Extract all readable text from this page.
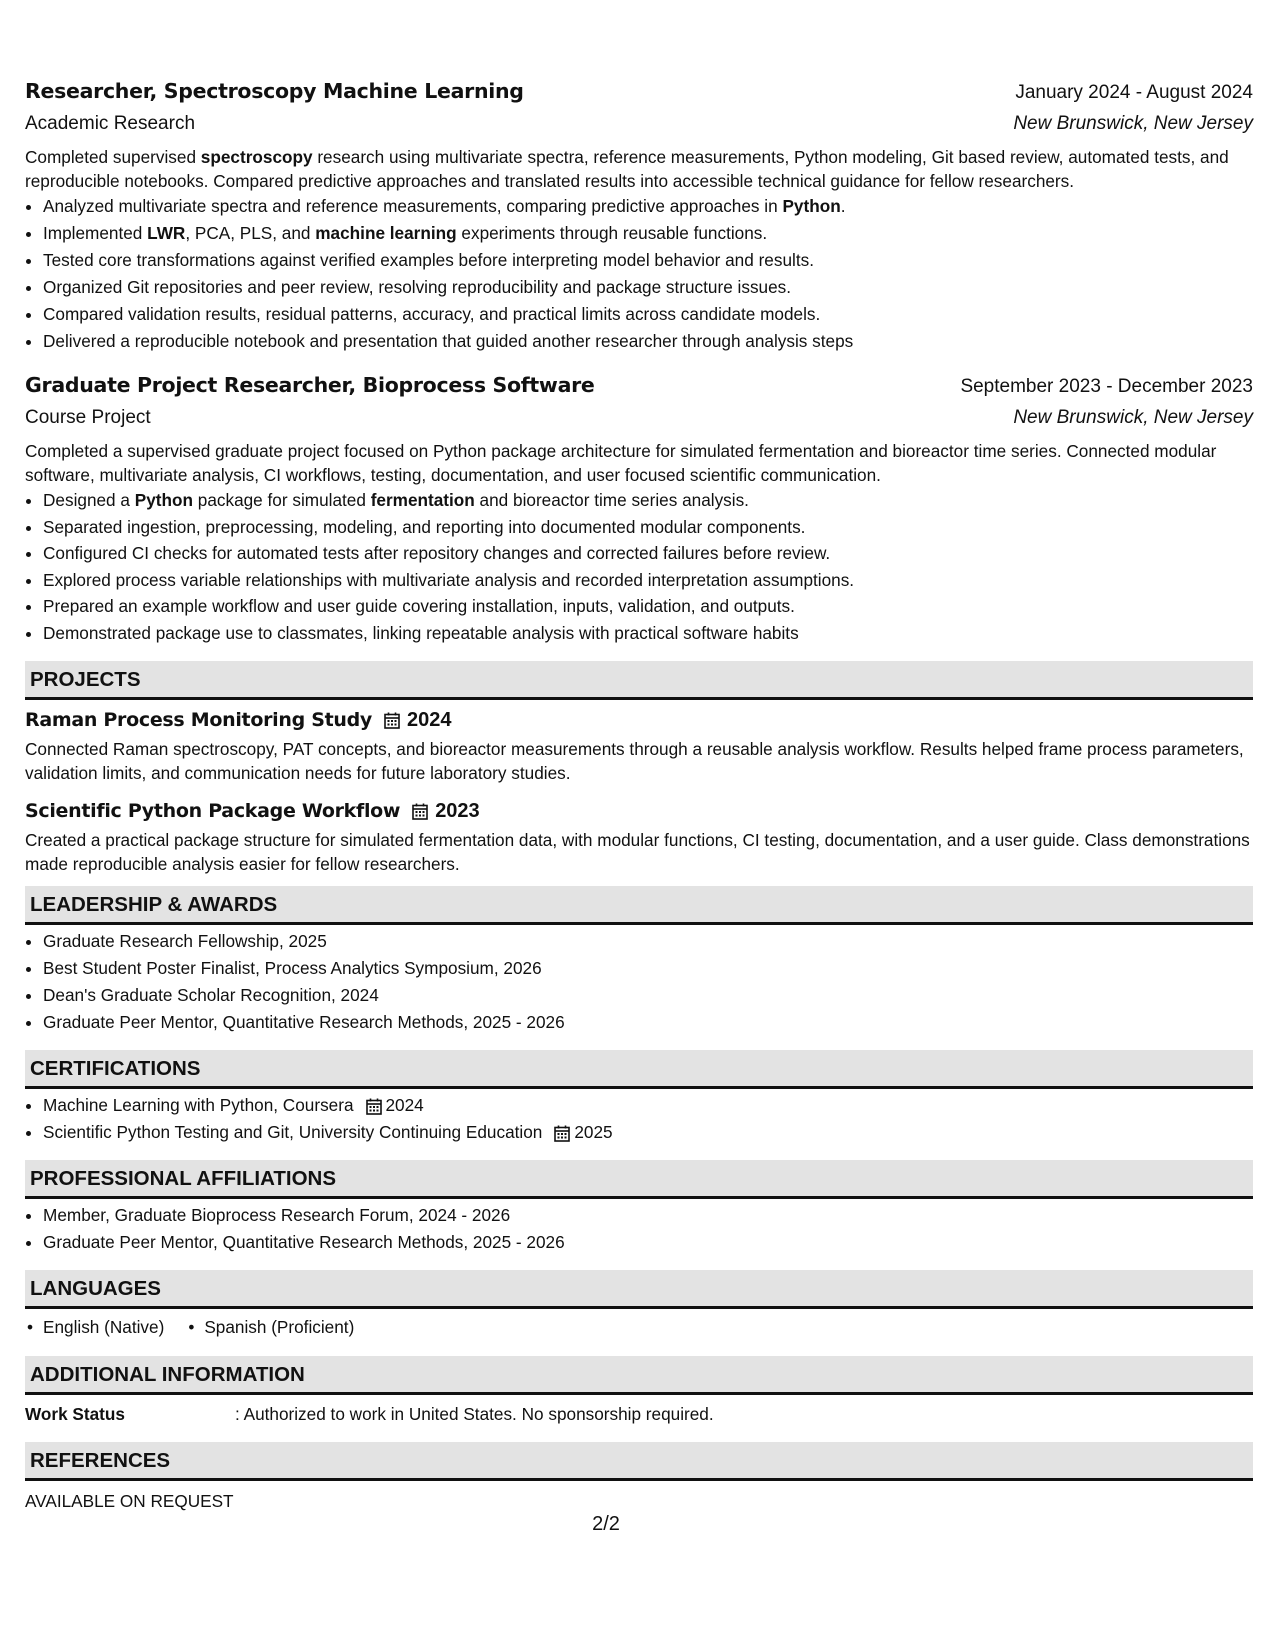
Researcher, Spectroscopy Machine Learning	January 2024 - August 2024
Academic Research	New Brunswick, New Jersey
Completed supervised spectroscopy research using multivariate spectra, reference measurements, Python modeling, Git based review, automated tests, and reproducible notebooks. Compared predictive approaches and translated results into accessible technical guidance for fellow researchers.
• Analyzed multivariate spectra and reference measurements, comparing predictive approaches in Python.
• Implemented LWR, PCA, PLS, and machine learning experiments through reusable functions.
• Tested core transformations against verified examples before interpreting model behavior and results.
• Organized Git repositories and peer review, resolving reproducibility and package structure issues.
• Compared validation results, residual patterns, accuracy, and practical limits across candidate models.
• Delivered a reproducible notebook and presentation that guided another researcher through analysis steps
Graduate Project Researcher, Bioprocess Software	September 2023 - December 2023
Course Project	New Brunswick, New Jersey
Completed a supervised graduate project focused on Python package architecture for simulated fermentation and bioreactor time series. Connected modular software, multivariate analysis, CI workflows, testing, documentation, and user focused scientific communication.
• Designed a Python package for simulated fermentation and bioreactor time series analysis.
• Separated ingestion, preprocessing, modeling, and reporting into documented modular components.
• Configured CI checks for automated tests after repository changes and corrected failures before review.
• Explored process variable relationships with multivariate analysis and recorded interpretation assumptions.
• Prepared an example workflow and user guide covering installation, inputs, validation, and outputs.
• Demonstrated package use to classmates, linking repeatable analysis with practical software habits
PROJECTS
Raman Process Monitoring Study 2024
Connected Raman spectroscopy, PAT concepts, and bioreactor measurements through a reusable analysis workflow. Results helped frame process parameters, validation limits, and communication needs for future laboratory studies.
Scientific Python Package Workflow 2023
Created a practical package structure for simulated fermentation data, with modular functions, CI testing, documentation, and a user guide. Class demonstrations made reproducible analysis easier for fellow researchers.
LEADERSHIP & AWARDS
• Graduate Research Fellowship, 2025
• Best Student Poster Finalist, Process Analytics Symposium, 2026
• Dean's Graduate Scholar Recognition, 2024
• Graduate Peer Mentor, Quantitative Research Methods, 2025 - 2026
CERTIFICATIONS
• Machine Learning with Python, Coursera 2024
• Scientific Python Testing and Git, University Continuing Education 2025
PROFESSIONAL AFFILIATIONS
• Member, Graduate Bioprocess Research Forum, 2024 - 2026
• Graduate Peer Mentor, Quantitative Research Methods, 2025 - 2026
LANGUAGES
• English (Native)
•	Spanish (Proficient)
ADDITIONAL INFORMATION
Work Status	: Authorized to work in United States. No sponsorship required.
REFERENCES
AVAILABLE ON REQUEST
2/2
